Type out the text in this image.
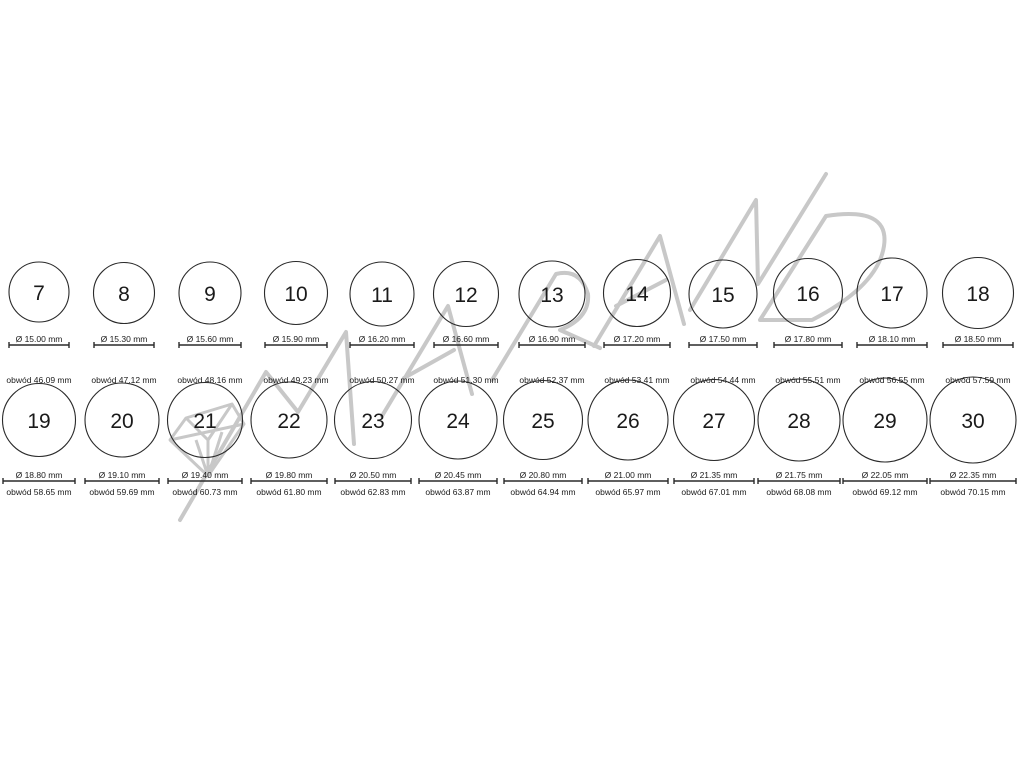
7
Ø 15.00 mm
obwód 46.09 mm
8
Ø 15.30 mm
obwód 47.12 mm
9
Ø 15.60 mm
obwód 48.16 mm
10
Ø 15.90 mm
obwód 49.23 mm
11
Ø 16.20 mm
obwód 50.27 mm
12
Ø 16.60 mm
obwód 51.30 mm
13
Ø 16.90 mm
obwód 52.37 mm
14
Ø 17.20 mm
obwód 53.41 mm
15
Ø 17.50 mm
obwód 54.44 mm
16
Ø 17.80 mm
obwód 55.51 mm
17
Ø 18.10 mm
obwód 56.55 mm
18
Ø 18.50 mm
obwód 57.59 mm
19
Ø 18.80 mm
obwód 58.65 mm
20
Ø 19.10 mm
obwód 59.69 mm
21
Ø 19.40 mm
obwód 60.73 mm
22
Ø 19.80 mm
obwód 61.80 mm
23
Ø 20.50 mm
obwód 62.83 mm
24
Ø 20.45 mm
obwód 63.87 mm
25
Ø 20.80 mm
obwód 64.94 mm
26
Ø 21.00 mm
obwód 65.97 mm
27
Ø 21.35 mm
obwód 67.01 mm
28
Ø 21.75 mm
obwód 68.08 mm
29
Ø 22.05 mm
obwód 69.12 mm
30
Ø 22.35 mm
obwód 70.15 mm
